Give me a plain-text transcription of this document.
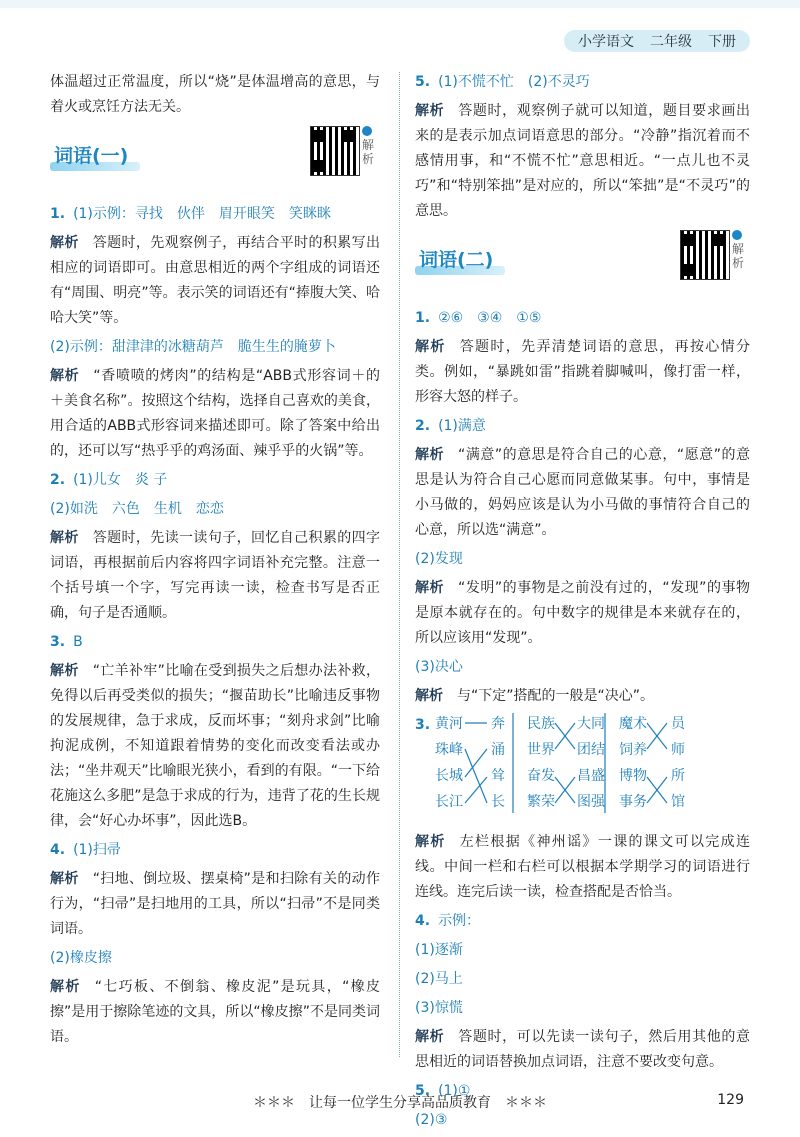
小学语文 二年级 下册

体温超过正常温度，所以“烧”是体温增高的意思，与着火或烹饪方法无关。

词语(一)	解析

1. (1)示例：寻找　伙伴　眉开眼笑　笑眯眯

解析 答题时，先观察例子，再结合平时的积累写出相应的词语即可。由意思相近的两个字组成的词语还有“周围、明亮”等。表示笑的词语还有“捧腹大笑、哈哈大笑”等。

(2)示例：甜津津的冰糖葫芦　脆生生的腌萝卜

解析 “香喷喷的烤肉”的结构是“ABB式形容词＋的＋美食名称”。按照这个结构，选择自己喜欢的美食，用合适的ABB式形容词来描述即可。除了答案中给出的，还可以写“热乎乎的鸡汤面、辣乎乎的火锅”等。

2. (1)儿女　炎 子

(2)如洗　六色　生机　恋恋

解析 答题时，先读一读句子，回忆自己积累的四字词语，再根据前后内容将四字词语补充完整。注意一个括号填一个字，写完再读一读，检查书写是否正确，句子是否通顺。

3. B

解析 “亡羊补牢”比喻在受到损失之后想办法补救，免得以后再受类似的损失；“揠苗助长”比喻违反事物的发展规律，急于求成，反而坏事；“刻舟求剑”比喻拘泥成例，不知道跟着情势的变化而改变看法或办法；“坐井观天”比喻眼光狭小，看到的有限。“一下给花施这么多肥”是急于求成的行为，违背了花的生长规律，会“好心办坏事”，因此选B。

4. (1)扫帚

解析 “扫地、倒垃圾、摆桌椅”是和扫除有关的动作行为，“扫帚”是扫地用的工具，所以“扫帚”不是同类词语。

(2)橡皮擦

解析 “七巧板、不倒翁、橡皮泥”是玩具，“橡皮擦”是用于擦除笔迹的文具，所以“橡皮擦”不是同类词语。

5. (1)不慌不忙　(2)不灵巧

解析 答题时，观察例子就可以知道，题目要求画出来的是表示加点词语意思的部分。“冷静”指沉着而不感情用事，和“不慌不忙”意思相近。“一点儿也不灵巧”和“特别笨拙”是对应的，所以“笨拙”是“不灵巧”的意思。

词语(二)	解析

1. ②⑥　③④　①⑤

解析 答题时，先弄清楚词语的意思，再按心情分类。例如，“暴跳如雷”指跳着脚喊叫，像打雷一样，形容大怒的样子。

2. (1)满意

解析 “满意”的意思是符合自己的心意，“愿意”的意思是认为符合自己心愿而同意做某事。句中，事情是小马做的，妈妈应该是认为小马做的事情符合自己的心意，所以选“满意”。

(2)发现

解析 “发明”的事物是之前没有过的，“发现”的事物是原本就存在的。句中数字的规律是本来就存在的，所以应该用“发现”。

(3)决心

解析 与“下定”搭配的一般是“决心”。

3. 黄河 奔 民族 大同 魔术 员
珠峰 涌 世界 团结 饲养 师
长城 耸 奋发 昌盛 博物 所
长江 长 繁荣 图强 事务 馆

解析 左栏根据《神州谣》一课的课文可以完成连线。中间一栏和右栏可以根据本学期学习的词语进行连线。连完后读一读，检查搭配是否恰当。

4. 示例：

(1)逐渐

(2)马上

(3)惊慌

解析 答题时，可以先读一读句子，然后用其他的意思相近的词语替换加点词语，注意不要改变句意。

5. (1)①

(2)③

＊＊＊　让每一位学生分享高品质教育　＊＊＊	129
